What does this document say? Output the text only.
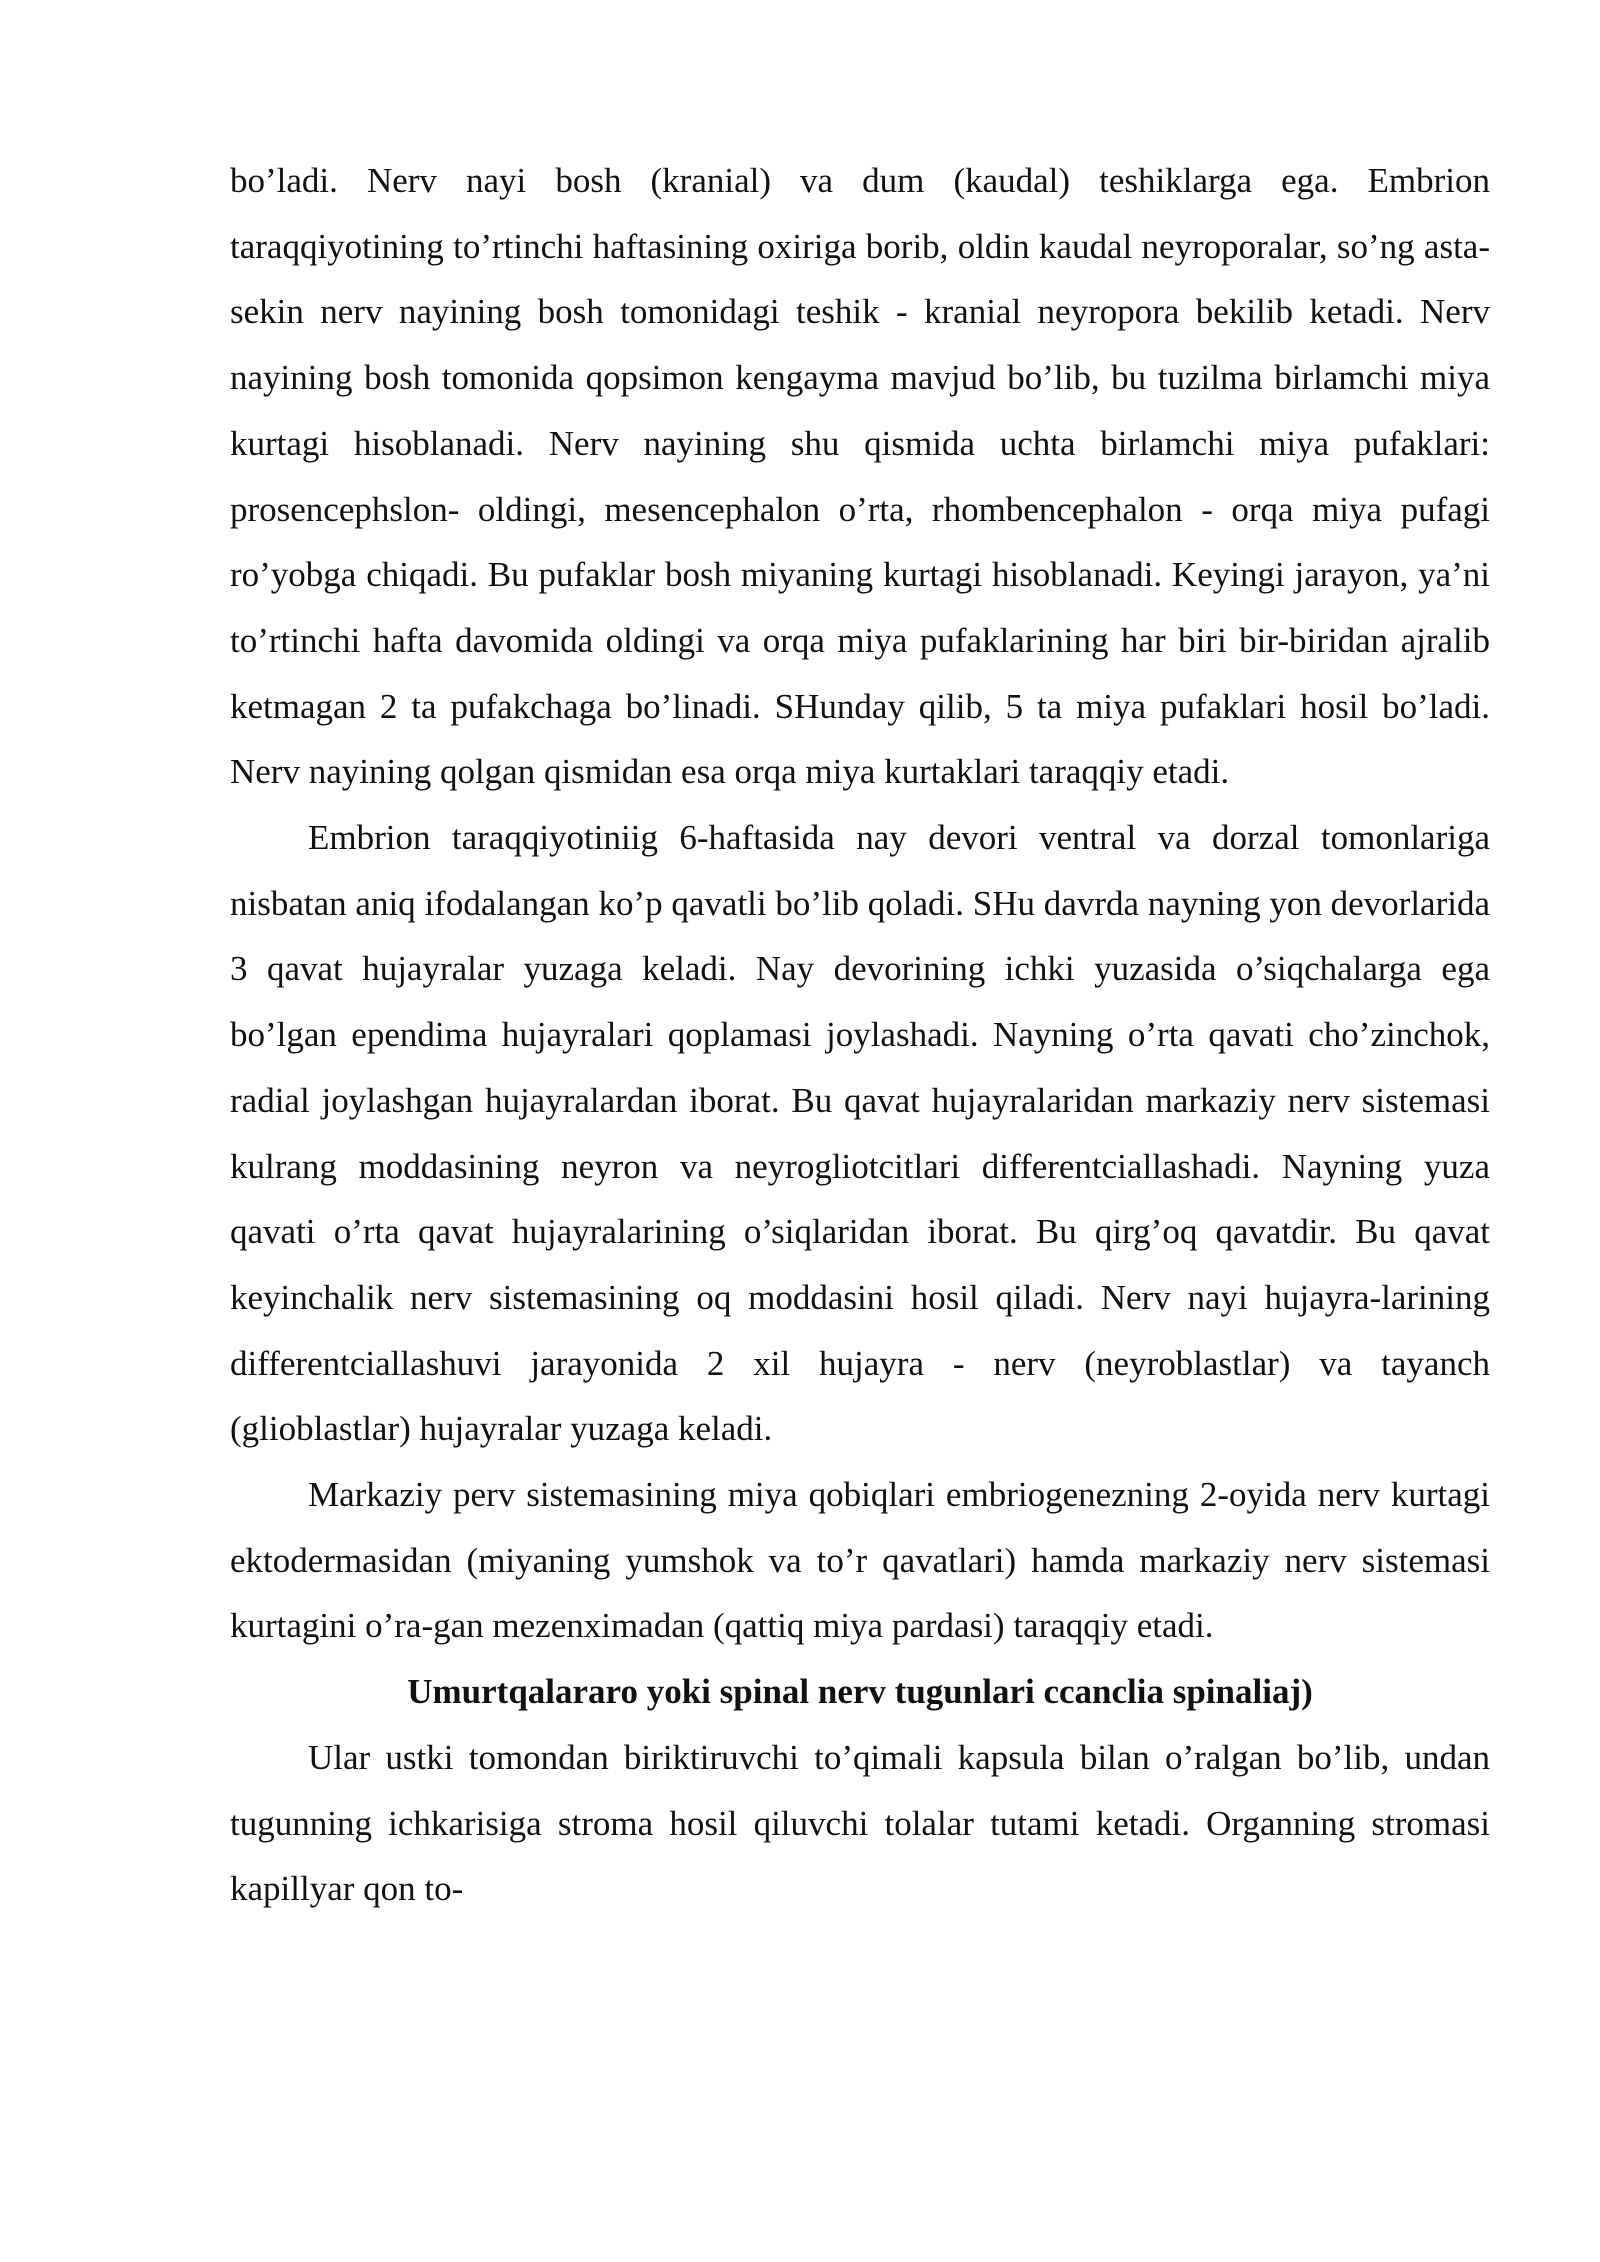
bo’ladi. Nerv nayi bosh (kranial) va dum (kaudal) teshiklarga ega. Embrion taraqqiyotining to’rtinchi haftasining oxiriga borib, oldin kaudal neyroporalar, so’ng asta-sekin nerv nayining bosh tomonidagi teshik - kranial neyropora bekilib ketadi. Nerv nayining bosh tomonida qopsimon kengayma mavjud bo’lib, bu tuzilma birlamchi miya kurtagi hisoblanadi. Nerv nayining shu qismida uchta birlamchi miya pufaklari: prosencephslon- oldingi, mesencephalon o’rta, rhombencephalon - orqa miya pufagi ro’yobga chiqadi. Bu pufaklar bosh miyaning kurtagi hisoblanadi. Keyingi jarayon, ya’ni to’rtinchi hafta davomida oldingi va orqa miya pufaklarining har biri bir-biridan ajralib ketmagan 2 ta pufakchaga bo’linadi. SHunday qilib, 5 ta miya pufaklari hosil bo’ladi. Nerv nayining qolgan qismidan esa orqa miya kurtaklari taraqqiy etadi.

Embrion taraqqiyotiniig 6-haftasida nay devori ventral va dorzal tomonlariga nisbatan aniq ifodalangan ko’p qavatli bo’lib qoladi. SHu davrda nayning yon devorlarida 3 qavat hujayralar yuzaga keladi. Nay devorining ichki yuzasida o’siqchalarga ega bo’lgan ependima hujayralari qoplamasi joylashadi. Nayning o’rta qavati cho’zinchok, radial joylashgan hujayralardan iborat. Bu qavat hujayralaridan markaziy nerv sistemasi kulrang moddasining neyron va neyrogliotcitlari differentciallashadi. Nayning yuza qavati o’rta qavat hujayralarining o’siqlaridan iborat. Bu qirg’oq qavatdir. Bu qavat keyinchalik nerv sistemasining oq moddasini hosil qiladi. Nerv nayi hujayra-larining differentciallashuvi jarayonida 2 xil hujayra - nerv (neyroblastlar) va tayanch (glioblastlar) hujayralar yuzaga keladi.

Markaziy perv sistemasining miya qobiqlari embriogenezning 2-oyida nerv kurtagi ektodermasidan (miyaning yumshok va to’r qavatlari) hamda markaziy nerv sistemasi kurtagini o’ra-gan mezenximadan (qattiq miya pardasi) taraqqiy etadi.

Umurtqalararo yoki spinal nerv tugunlari ccanclia spinaliaj)

Ular ustki tomondan biriktiruvchi to’qimali kapsula bilan o’ralgan bo’lib, undan tugunning ichkarisiga stroma hosil qiluvchi tolalar tutami ketadi. Organning stromasi kapillyar qon to-
